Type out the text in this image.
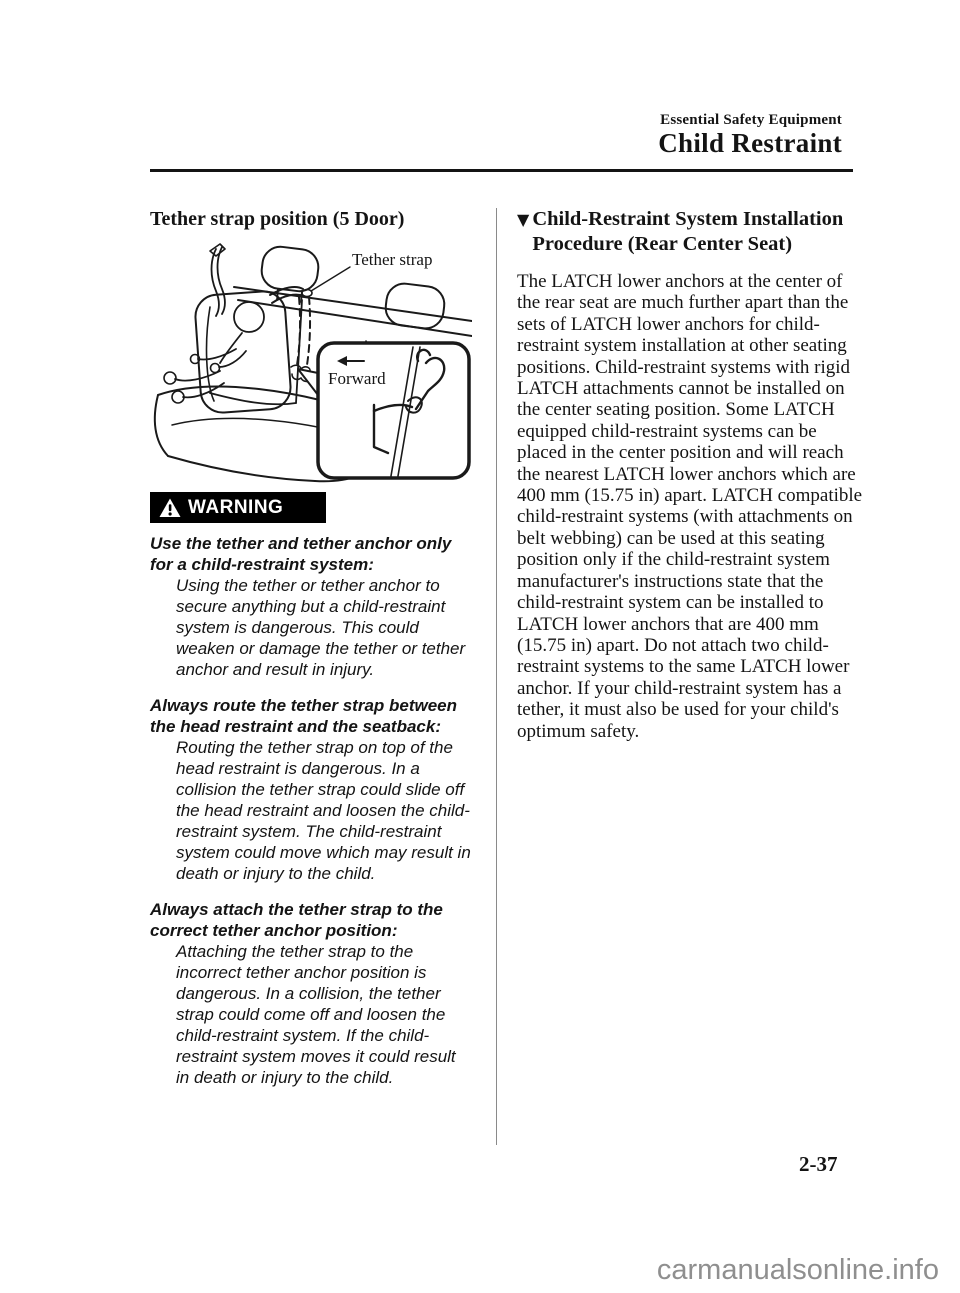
Essential Safety Equipment
Child Restraint
Tether strap position (5 Door)
Tether strap
Forward
WARNING
Use the tether and tether anchor only for a child-restraint system:
Using the tether or tether anchor to secure anything but a child-restraint system is dangerous. This could weaken or damage the tether or tether anchor and result in injury.
Always route the tether strap between the head restraint and the seatback:
Routing the tether strap on top of the head restraint is dangerous. In a collision the tether strap could slide off the head restraint and loosen the child-restraint system. The child-restraint system could move which may result in death or injury to the child.
Always attach the tether strap to the correct tether anchor position:
Attaching the tether strap to the incorrect tether anchor position is dangerous. In a collision, the tether strap could come off and loosen the child-restraint system. If the child-restraint system moves it could result in death or injury to the child.
▼ Child-Restraint System Installation
Procedure (Rear Center Seat)
The LATCH lower anchors at the center of the rear seat are much further apart than the sets of LATCH lower anchors for child-restraint system installation at other seating positions. Child-restraint systems with rigid LATCH attachments cannot be installed on the center seating position. Some LATCH equipped child-restraint systems can be placed in the center position and will reach the nearest LATCH lower anchors which are 400 mm (15.75 in) apart. LATCH compatible child-restraint systems (with attachments on belt webbing) can be used at this seating position only if the child-restraint system manufacturer's instructions state that the child-restraint system can be installed to LATCH lower anchors that are 400 mm (15.75 in) apart. Do not attach two child-restraint systems to the same LATCH lower anchor. If your child-restraint system has a tether, it must also be used for your child's optimum safety.
2-37
carmanualsonline.info
